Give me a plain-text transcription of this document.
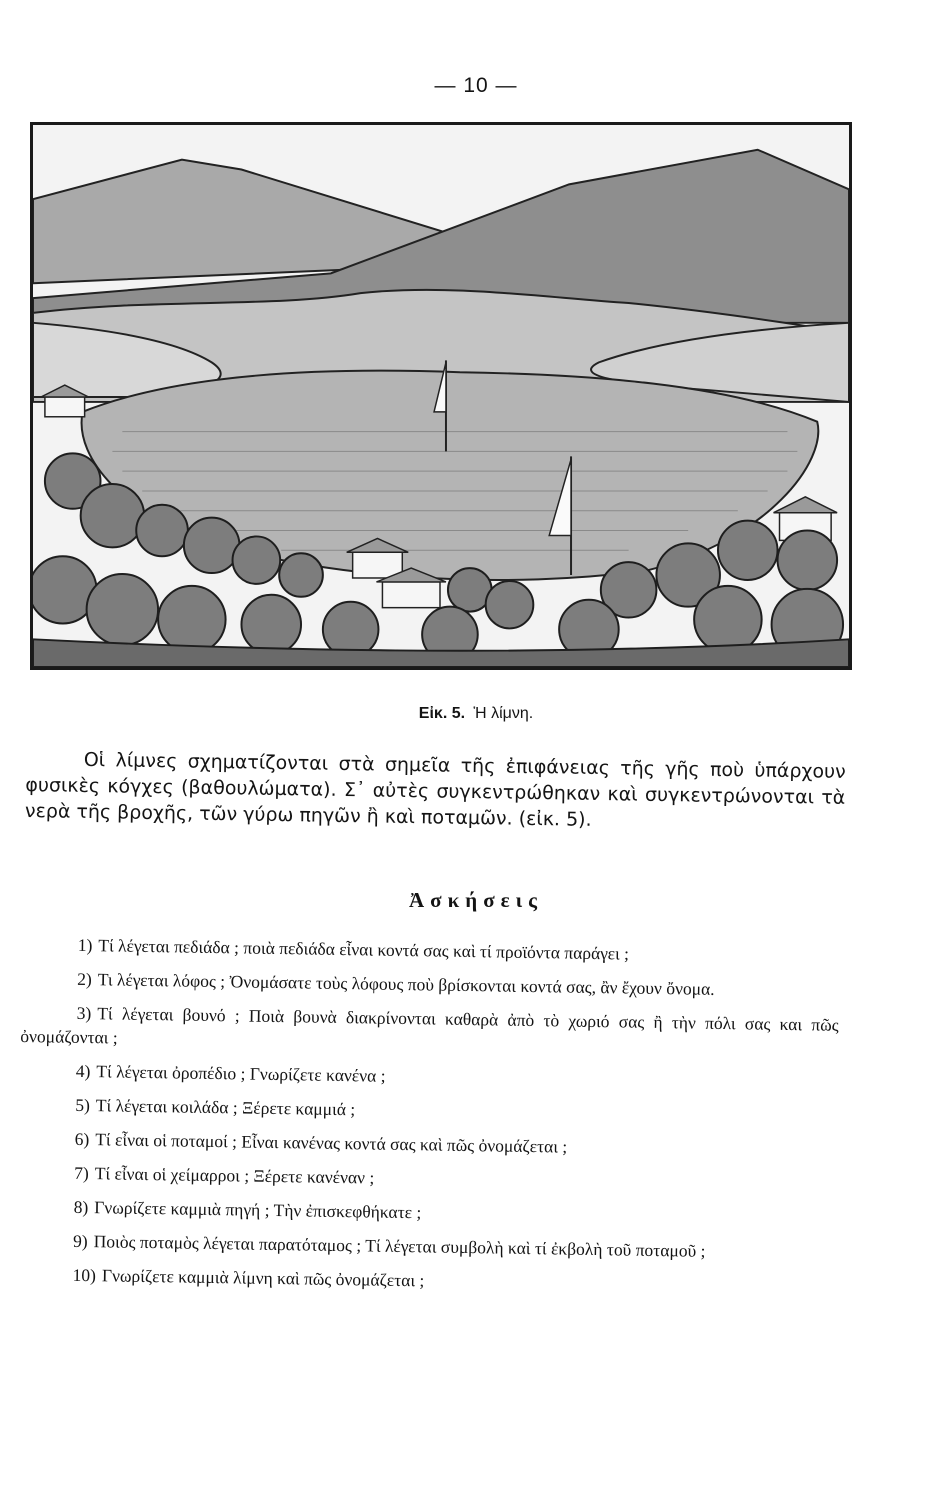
— 10 —
Εἰκ. 5. Ἡ λίμνη.

Οἱ λίμνες σχηματίζονται στὰ σημεῖα τῆς ἐπιφάνειας τῆς γῆς ποὺ ὑπάρχουν φυσικὲς κόγχες (βαθουλώματα). Σ᾽ αὐτὲς συγκεντρώθηκαν καὶ συγκεντρώνονται τὰ νερὰ τῆς βροχῆς, τῶν γύρω πηγῶν ἢ καὶ ποταμῶν. (εἰκ. 5).

Ἀσκήσεις
1) Τί λέγεται πεδιάδα ; ποιὰ πεδιάδα εἶναι κοντά σας καὶ τί προϊόντα παράγει ;
2) Τι λέγεται λόφος ; Ὀνομάσατε τοὺς λόφους ποὺ βρίσκονται κοντά σας, ἂν ἔχουν ὄνομα.
3) Τί λέγεται βουνό ; Ποιὰ βουνὰ διακρίνονται καθαρὰ ἀπὸ τὸ χωριό σας ἢ τὴν πόλι σας και πῶς ὀνομάζονται ;
4) Τί λέγεται ὀροπέδιο ; Γνωρίζετε κανένα ;
5) Τί λέγεται κοιλάδα ; Ξέρετε καμμιά ;
6) Τί εἶναι οἱ ποταμοί ; Εἶναι κανένας κοντά σας καὶ πῶς ὀνομάζεται ;
7) Τί εἶναι οἱ χείμαρροι ; Ξέρετε κανέναν ;
8) Γνωρίζετε καμμιὰ πηγή ; Τὴν ἐπισκεφθήκατε ;
9) Ποιὸς ποταμὸς λέγεται παρατόταμος ; Τί λέγεται συμβολὴ καὶ τί ἐκβολὴ τοῦ ποταμοῦ ;
10) Γνωρίζετε καμμιὰ λίμνη καὶ πῶς ὀνομάζεται ;
